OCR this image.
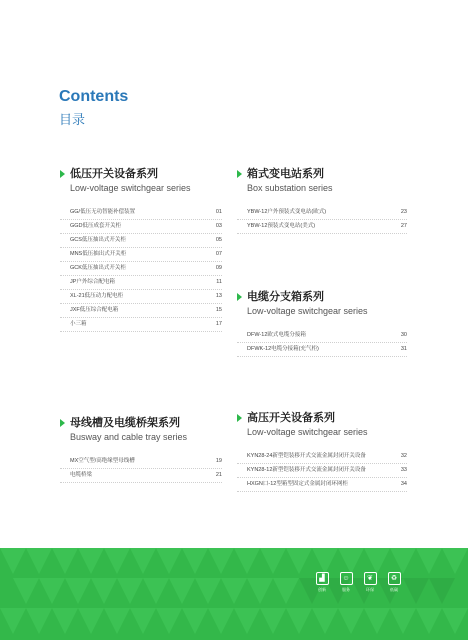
Contents
目录
低压开关设备系列
Low-voltage switchgear series
GG/低压无功智能补偿装置	01
GGD低压成套开关柜	03
GCS低压抽出式开关柜	05
MNS低压抽出式开关柜	07
GCK低压抽出式开关柜	09
JP户外综合配电箱	11
XL-21低压动力配电柜	13
JXF低压综合配电箱	15
小三箱	17
箱式变电站系列
Box substation series
YBW-12户外预装式变电站(欧式)	23
YBW-12预装式变电站(美式)	27
电缆分支箱系列
Low-voltage switchgear series
DFW-12欧式电缆分接箱	30
DFWK-12电缆分接箱(充气柜)	31
母线槽及电缆桥架系列
Busway and cable tray series
MX空气型/高绝缘型母线槽	19
电缆桥梁	21
高压开关设备系列
Low-voltage switchgear series
KYN28-24新型铠装移开式交流金属封闭开关设备	32
KYN28-12新型铠装移开式交流金属封闭开关设备	33
HXGN口-12型箱型固定式金属封闭环网柜	34
▟
创新
☺
服务
❦
环保
♻
低碳
